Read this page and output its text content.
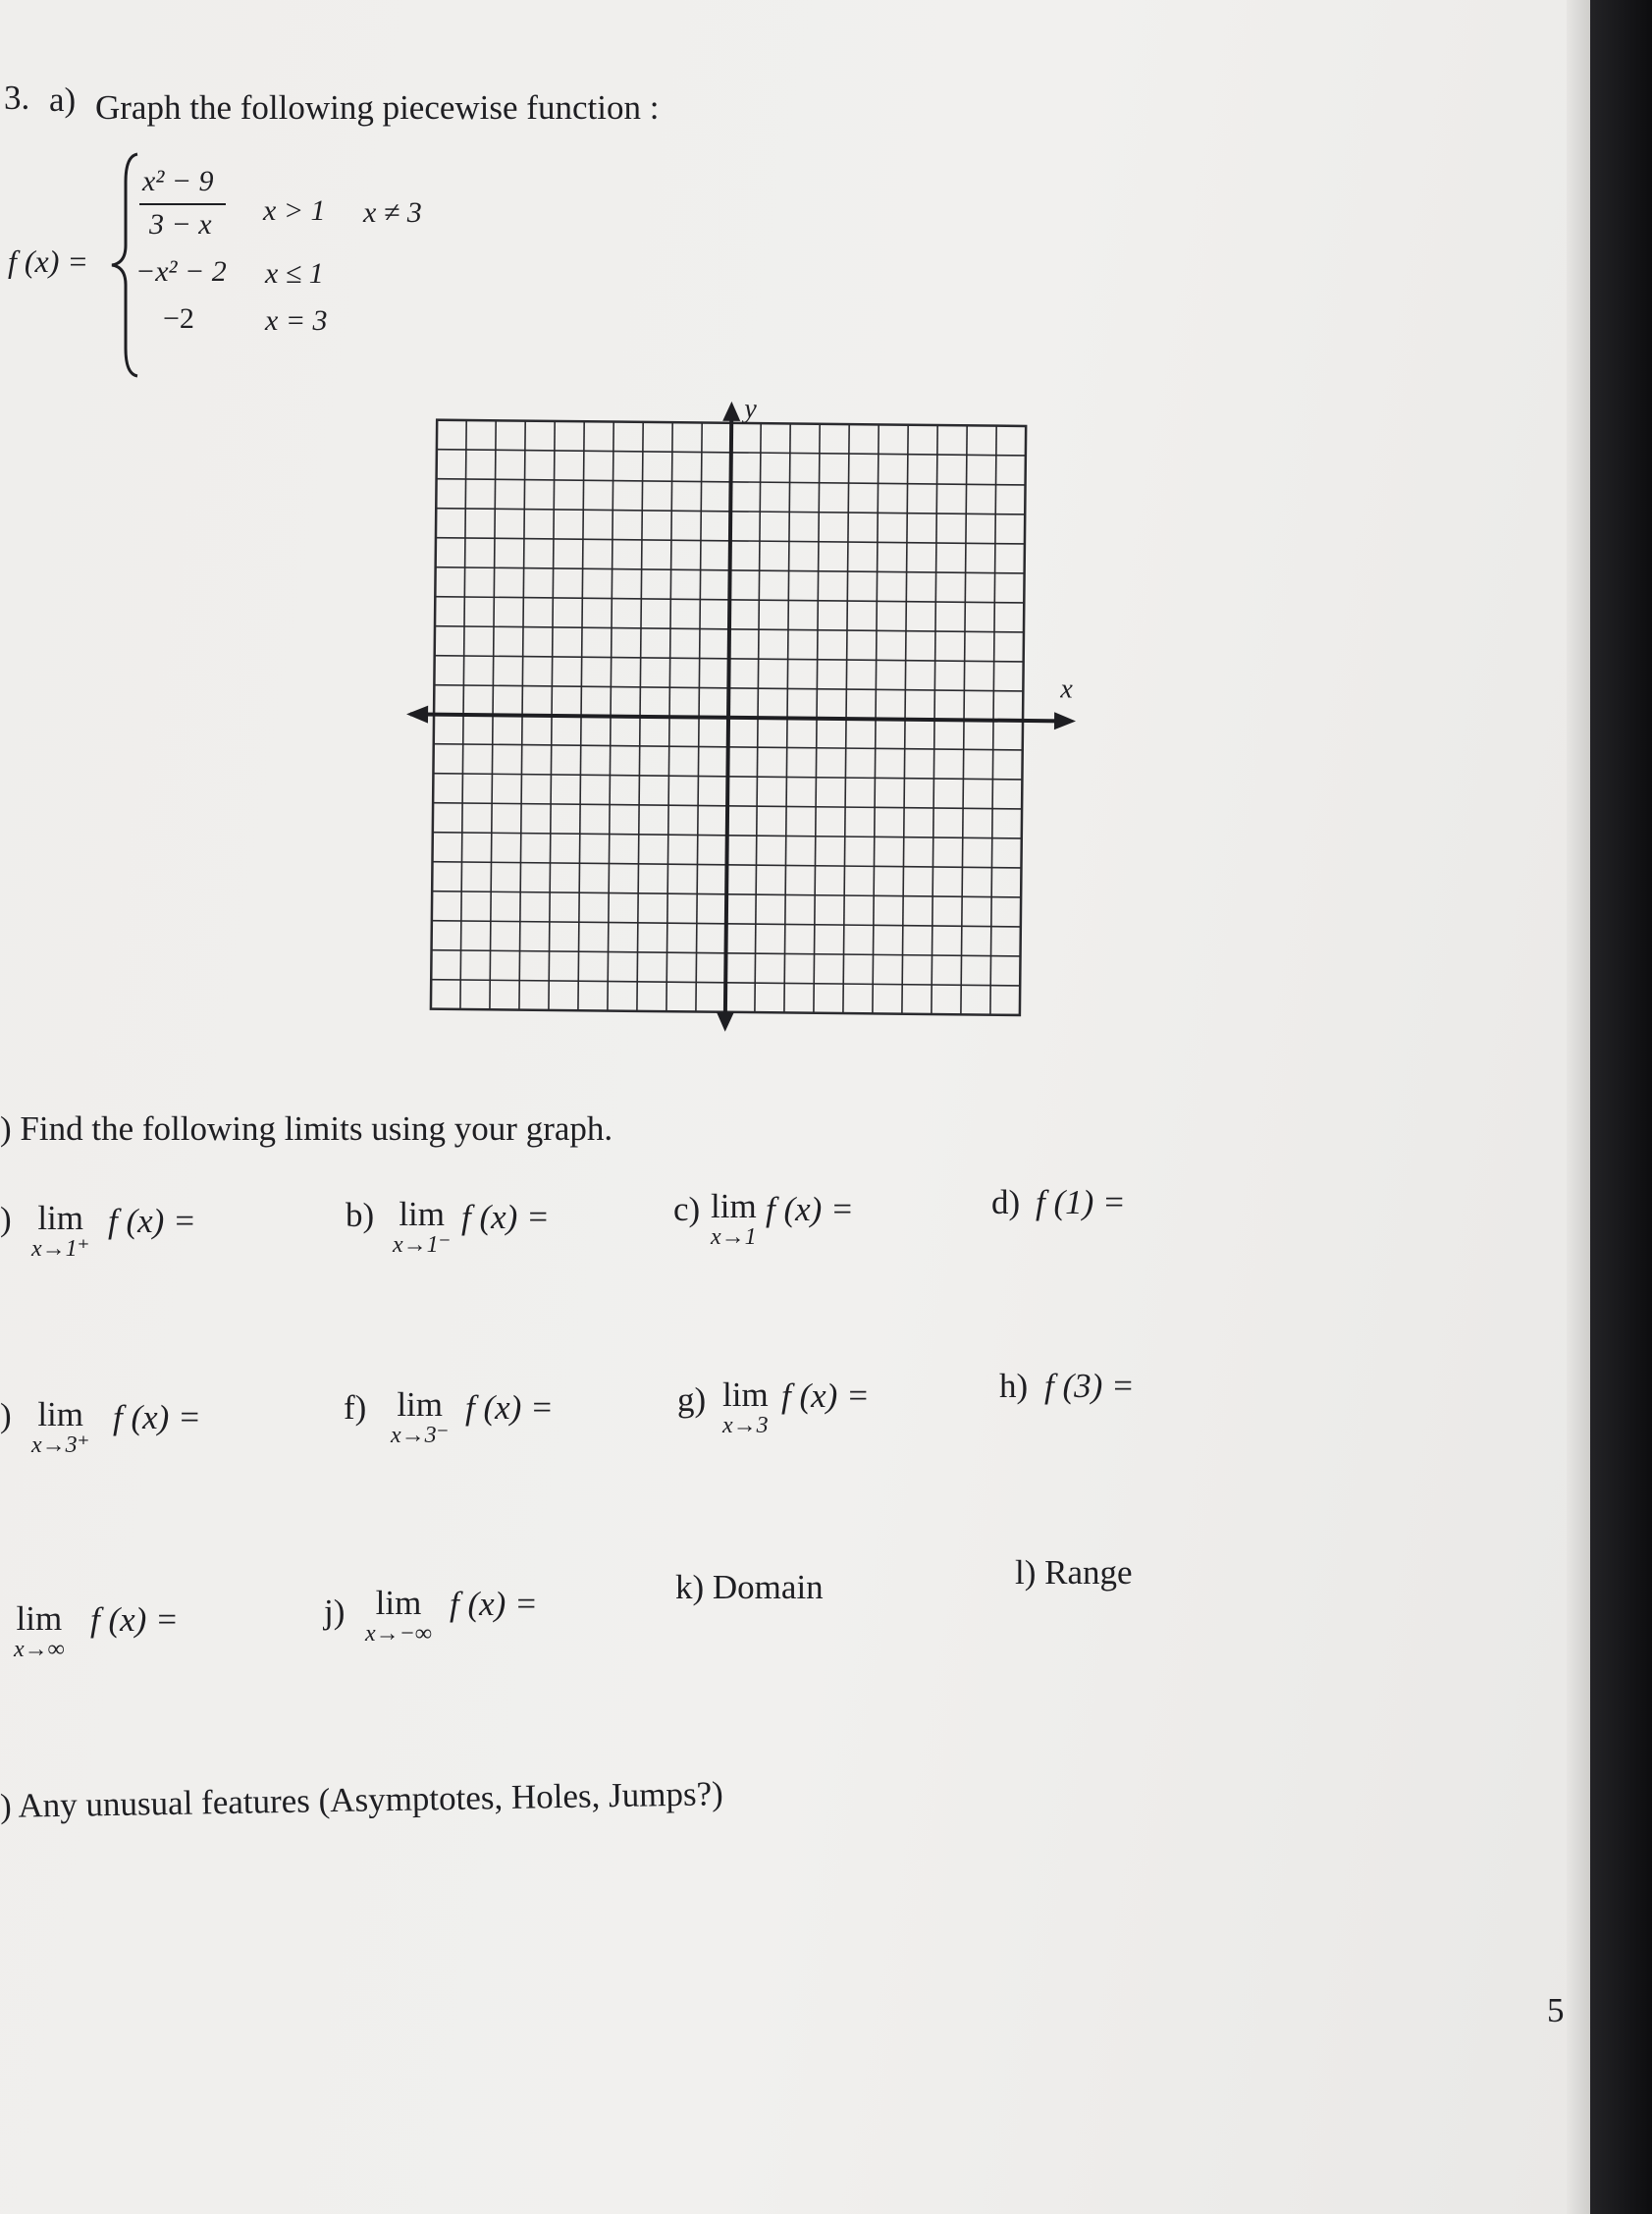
3. a) Graph the following piecewise function :
f (x) =
x² − 9
3 − x x > 1 x ≠ 3
−x² − 2 x ≤ 1
−2 x = 3
y
x
) Find the following limits using your graph.
) lim
x→1⁺
f (x) =	b) lim
x→1⁻
f (x) =	c) lim
x→1
f (x) =	d) f (1) =
) lim
x→3⁺
f (x) =	f) lim
x→3⁻
f (x) =	g) lim
x→3
f (x) =	h) f (3) =
lim
x→∞
f (x) =	j) lim
x→−∞
f (x) =	k) Domain	l) Range
) Any unusual features (Asymptotes, Holes, Jumps?)
5
